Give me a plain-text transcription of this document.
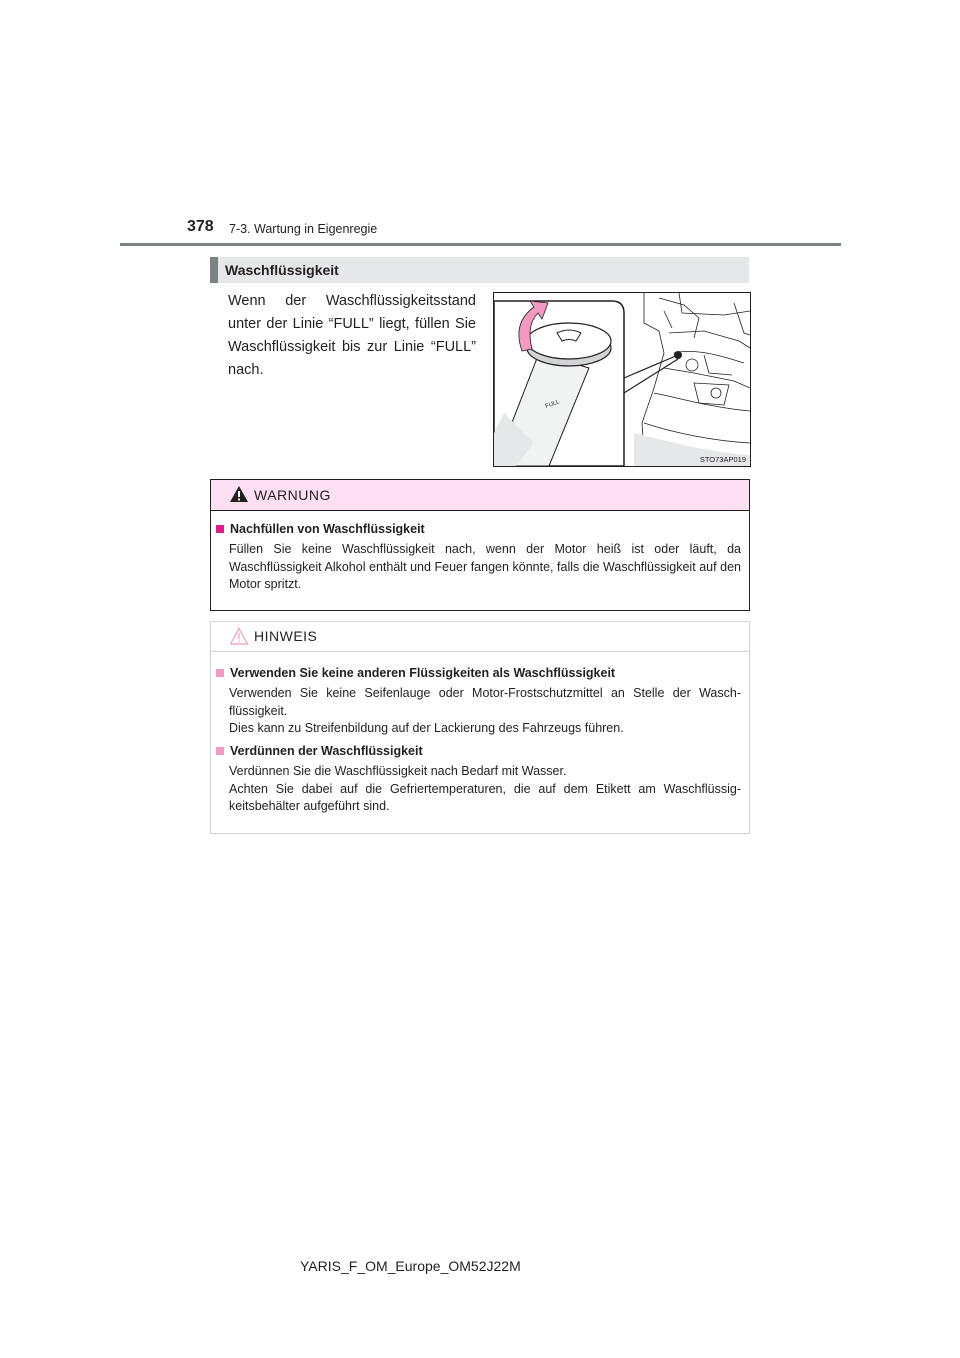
378 7-3. Wartung in Eigenregie
Waschflüssigkeit
Wenn der Waschflüssigkeitsstand unter der Linie “FULL” liegt, füllen Sie Waschflüssigkeit bis zur Linie “FULL” nach.
FULL
STO73AP019
WARNUNG
Nachfüllen von Waschflüssigkeit
Füllen Sie keine Waschflüssigkeit nach, wenn der Motor heiß ist oder läuft, da Waschflüssigkeit Alkohol enthält und Feuer fangen könnte, falls die Waschflüssigkeit auf den Motor spritzt.
HINWEIS
Verwenden Sie keine anderen Flüssigkeiten als Waschflüssigkeit
Verwenden Sie keine Seifenlauge oder Motor-Frostschutzmittel an Stelle der Wasch-flüssigkeit.
Dies kann zu Streifenbildung auf der Lackierung des Fahrzeugs führen.
Verdünnen der Waschflüssigkeit
Verdünnen Sie die Waschflüssigkeit nach Bedarf mit Wasser.
Achten Sie dabei auf die Gefriertemperaturen, die auf dem Etikett am Waschflüssig-keitsbehälter aufgeführt sind.
YARIS_F_OM_Europe_OM52J22M
